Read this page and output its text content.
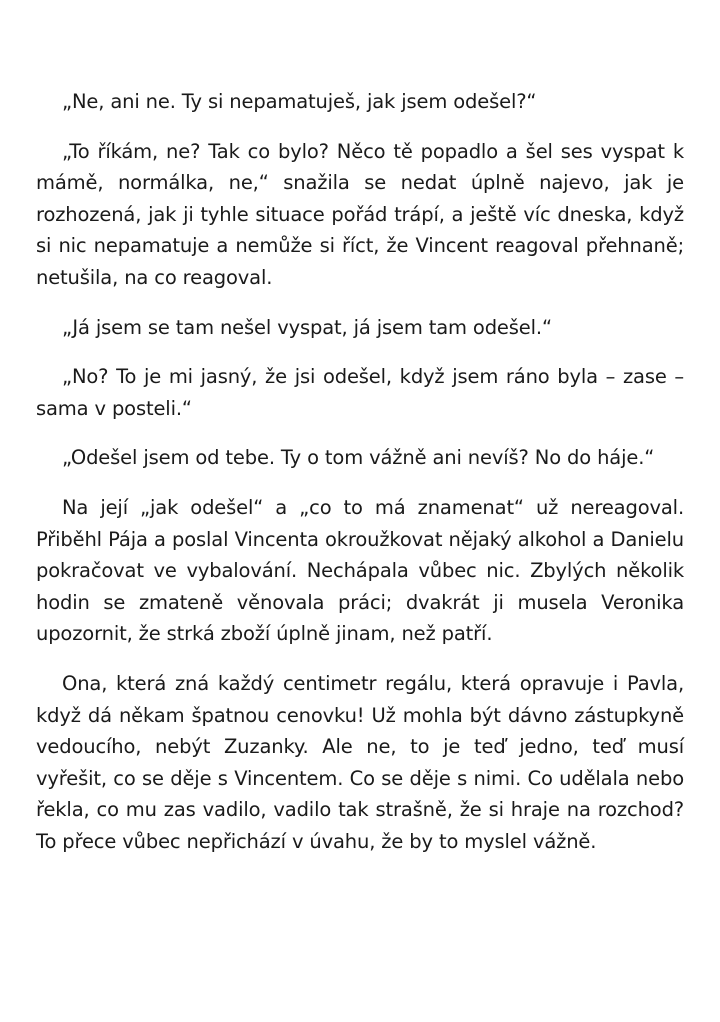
„Ne, ani ne. Ty si nepamatuješ, jak jsem odešel?“

„To říkám, ne? Tak co bylo? Něco tě popadlo a šel ses vyspat k mámě, normálka, ne,“ snažila se nedat úplně najevo, jak je rozhozená, jak ji tyhle situace pořád trápí, a ještě víc dneska, když si nic nepamatuje a nemůže si říct, že Vincent reagoval přehnaně; netušila, na co reagoval.

„Já jsem se tam nešel vyspat, já jsem tam odešel.“

„No? To je mi jasný, že jsi odešel, když jsem ráno byla – zase – sama v posteli.“

„Odešel jsem od tebe. Ty o tom vážně ani nevíš? No do háje.“

Na její „jak odešel“ a „co to má znamenat“ už nereagoval. Přiběhl Pája a poslal Vincenta okroužkovat nějaký alkohol a Danielu pokračovat ve vybalování. Nechápala vůbec nic. Zbylých několik hodin se zmateně věnovala práci; dvakrát ji musela Veronika upozornit, že strká zboží úplně jinam, než patří.

Ona, která zná každý centimetr regálu, která opravuje i Pavla, když dá někam špatnou cenovku! Už mohla být dávno zástupkyně vedoucího, nebýt Zuzanky. Ale ne, to je teď jedno, teď musí vyřešit, co se děje s Vincentem. Co se děje s nimi. Co udělala nebo řekla, co mu zas vadilo, vadilo tak strašně, že si hraje na rozchod? To přece vůbec nepřichází v úvahu, že by to myslel vážně.
